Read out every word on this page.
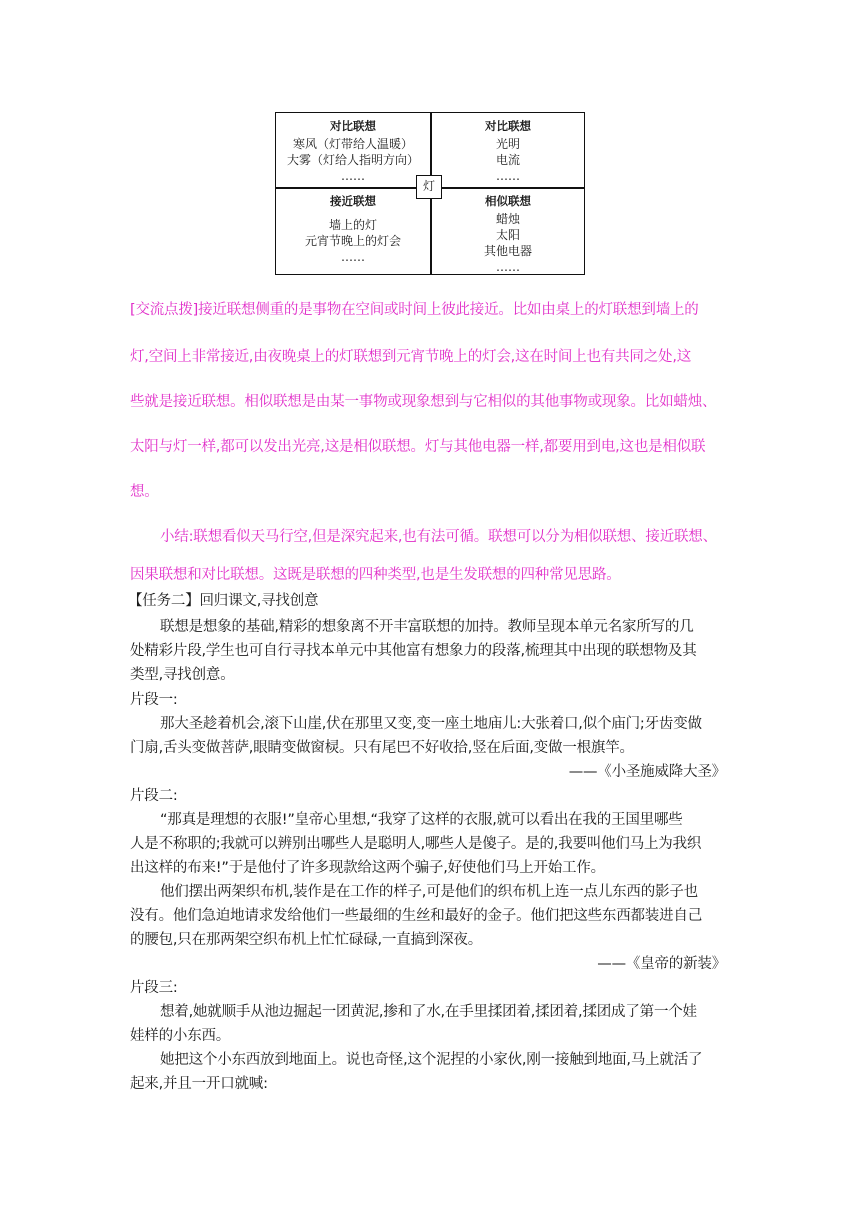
对比联想
寒风（灯带给人温暖）
大雾（灯给人指明方向）
……
对比联想
光明
电流
……
接近联想
墙上的灯
元宵节晚上的灯会
……
相似联想
蜡烛
太阳
其他电器
……
灯
[交流点拨]接近联想侧重的是事物在空间或时间上彼此接近。比如由桌上的灯联想到墙上的
灯,空间上非常接近,由夜晚桌上的灯联想到元宵节晚上的灯会,这在时间上也有共同之处,这
些就是接近联想。相似联想是由某一事物或现象想到与它相似的其他事物或现象。比如蜡烛、
太阳与灯一样,都可以发出光亮,这是相似联想。灯与其他电器一样,都要用到电,这也是相似联
想。
小结:联想看似天马行空,但是深究起来,也有法可循。联想可以分为相似联想、接近联想、
因果联想和对比联想。这既是联想的四种类型,也是生发联想的四种常见思路。
【任务二】回归课文,寻找创意
联想是想象的基础,精彩的想象离不开丰富联想的加持。教师呈现本单元名家所写的几
处精彩片段,学生也可自行寻找本单元中其他富有想象力的段落,梳理其中出现的联想物及其
类型,寻找创意。
片段一:
那大圣趁着机会,滚下山崖,伏在那里又变,变一座土地庙儿:大张着口,似个庙门;牙齿变做
门扇,舌头变做菩萨,眼睛变做窗棂。只有尾巴不好收拾,竖在后面,变做一根旗竿。
——《小圣施威降大圣》
片段二:
“那真是理想的衣服!”皇帝心里想,“我穿了这样的衣服,就可以看出在我的王国里哪些
人是不称职的;我就可以辨别出哪些人是聪明人,哪些人是傻子。是的,我要叫他们马上为我织
出这样的布来!”于是他付了许多现款给这两个骗子,好使他们马上开始工作。
他们摆出两架织布机,装作是在工作的样子,可是他们的织布机上连一点儿东西的影子也
没有。他们急迫地请求发给他们一些最细的生丝和最好的金子。他们把这些东西都装进自己
的腰包,只在那两架空织布机上忙忙碌碌,一直搞到深夜。
——《皇帝的新装》
片段三:
想着,她就顺手从池边掘起一团黄泥,掺和了水,在手里揉团着,揉团着,揉团成了第一个娃
娃样的小东西。
她把这个小东西放到地面上。说也奇怪,这个泥捏的小家伙,刚一接触到地面,马上就活了
起来,并且一开口就喊:
